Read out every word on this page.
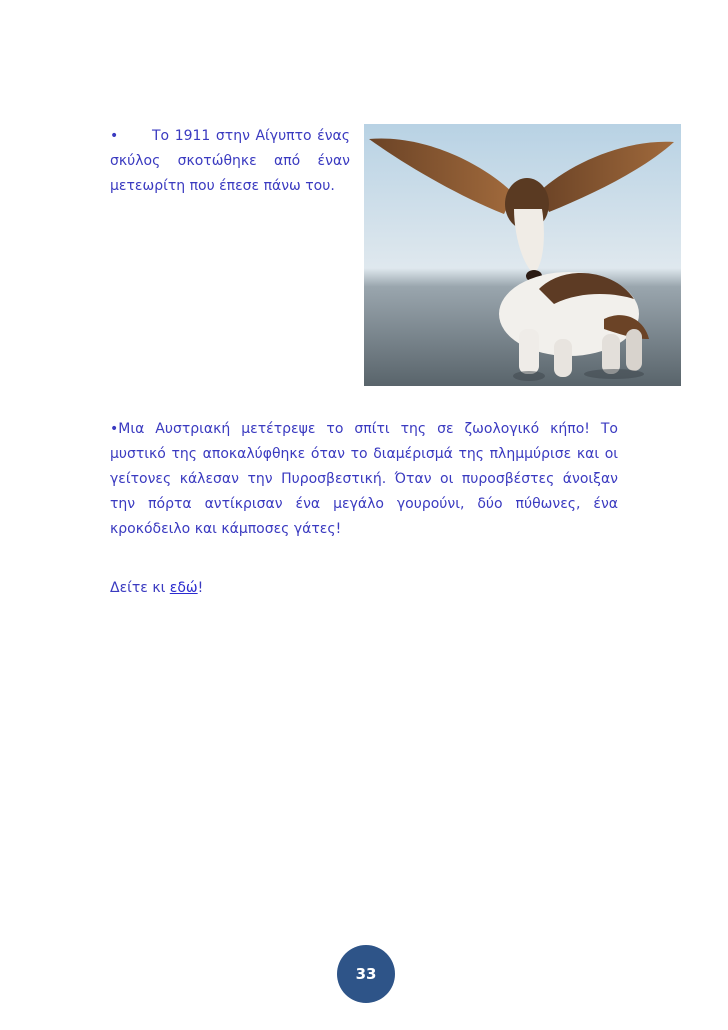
• Το 1911 στην Αίγυπτο ένας σκύλος σκοτώθηκε από έναν μετεωρίτη που έπεσε πάνω του.
•Μια Αυστριακή μετέτρεψε το σπίτι της σε ζωολογικό κήπο! Το μυστικό της αποκαλύφθηκε όταν το διαμέρισμά της πλημμύρισε και οι γείτονες κάλεσαν την Πυροσβεστική. Όταν οι πυροσβέστες άνοιξαν την πόρτα αντίκρισαν ένα μεγάλο γουρούνι, δύο πύθωνες, ένα κροκόδειλο και κάμποσες γάτες!
Δείτε κι εδώ!
33
